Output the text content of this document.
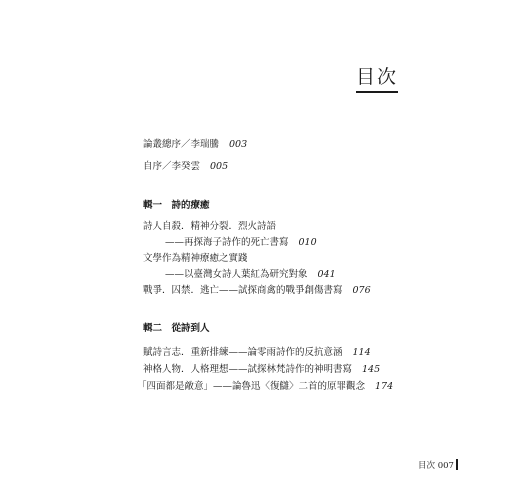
目次
論叢總序／李瑞騰 003
自序／李癸雲 005
輯一　詩的療癒
詩人自殺．精神分裂．烈火詩語
——再探海子詩作的死亡書寫 010
文學作為精神療癒之實踐
——以臺灣女詩人葉紅為研究對象 041
戰爭．囚禁．逃亡——試探商禽的戰爭創傷書寫 076
輯二　從詩到人
賦詩言志．重新排練——論零雨詩作的反抗意涵 114
神格人物．人格理想——試探林梵詩作的神明書寫 145
「四面都是敵意」——論魯迅〈復讎〉二首的原罪觀念 174
目次 007
